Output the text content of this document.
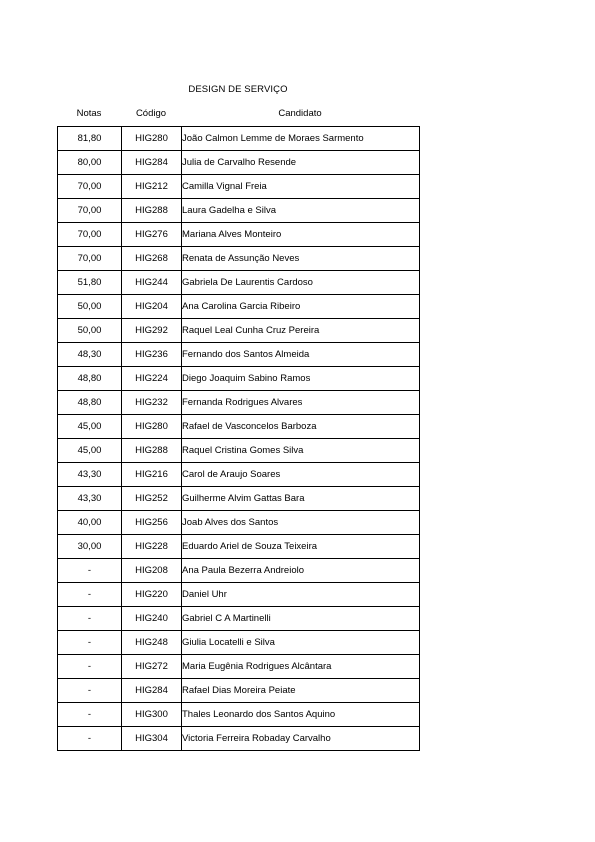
DESIGN DE SERVIÇO
Notas	Código	Candidato
81,80	HIG280	João Calmon Lemme de Moraes Sarmento
80,00	HIG284	Julia de Carvalho Resende
70,00	HIG212	Camilla Vignal Freia
70,00	HIG288	Laura Gadelha e Silva
70,00	HIG276	Mariana Alves Monteiro
70,00	HIG268	Renata de Assunção Neves
51,80	HIG244	Gabriela De Laurentis Cardoso
50,00	HIG204	Ana Carolina Garcia Ribeiro
50,00	HIG292	Raquel Leal Cunha Cruz Pereira
48,30	HIG236	Fernando dos Santos Almeida
48,80	HIG224	Diego Joaquim Sabino Ramos
48,80	HIG232	Fernanda Rodrigues Alvares
45,00	HIG280	Rafael de Vasconcelos Barboza
45,00	HIG288	Raquel Cristina Gomes Silva
43,30	HIG216	Carol de Araujo Soares
43,30	HIG252	Guilherme Alvim Gattas Bara
40,00	HIG256	Joab Alves dos Santos
30,00	HIG228	Eduardo Ariel de Souza Teixeira
-	HIG208	Ana Paula Bezerra Andreiolo
-	HIG220	Daniel Uhr
-	HIG240	Gabriel C A Martinelli
-	HIG248	Giulia Locatelli e Silva
-	HIG272	Maria Eugênia Rodrigues Alcântara
-	HIG284	Rafael Dias Moreira Peiate
-	HIG300	Thales Leonardo dos Santos Aquino
-	HIG304	Victoria Ferreira Robaday Carvalho
